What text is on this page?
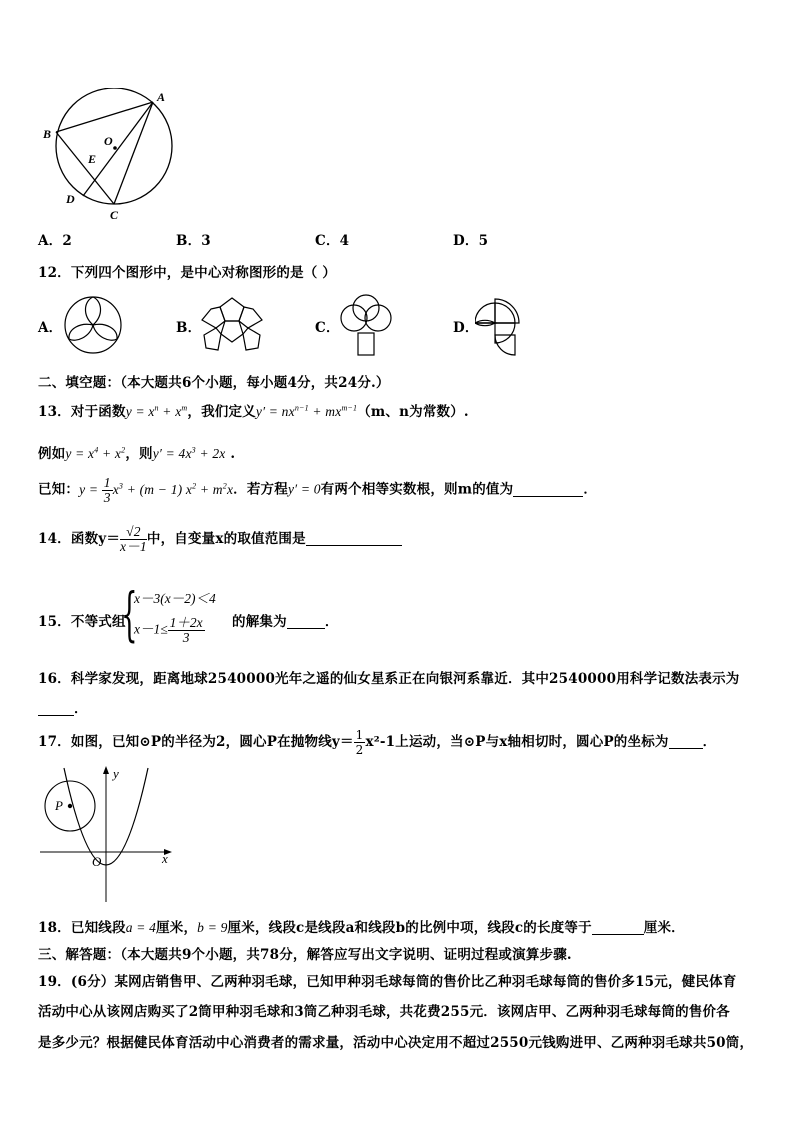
A
B	O
E
D
C
A．2	B．3	C．4	D．5
12．下列四个图形中，是中心对称图形的是（ ）
A．	B．	C．	D．
二、填空题：（本大题共6个小题，每小题4分，共24分.）
13．对于函数$y = x^n + x^m$，我们定义$y' = nx^{n-1} + mx^{m-1}(m$、n为常数）.
例如$y = x^4 + x^2$，则$y' = 4x^3 + 2x$ .
已知：$y = \frac{1}{3} x^3 + (m - 1) x^2 + m^2x$．若方程y′ = 0有两个相等实数根，则m的值为	．
14．函数$y= \frac{√2}{x-1}$ 中，自变量x的取值范围是
15．不等式组
{
x－3(x－2)＜4
$x-1\le \frac{1+2x}{3}$ 的解集为	．
16．科学家发现，距离地球2540000光年之遥的仙女星系正在向银河系靠近．其中2540000用科学记数法表示为
．
17．如图，已知⊙P的半径为2，圆心P在抛物线$y= \frac{1}{2} x^2-1$上运动，当⊙P与x轴相切时，圆心P的坐标为	．
y
P
O	x
18．已知线段a = 4厘米，b = 9厘米，线段c是线段a和线段b的比例中项，线段c的长度等于	厘米．
三、解答题：（本大题共9个小题，共78分，解答应写出文字说明、证明过程或演算步骤.
19．(6分）某网店销售甲、乙两种羽毛球，已知甲种羽毛球每筒的售价比乙种羽毛球每筒的售价多15元，健民体育
活动中心从该网店购买了2筒甲种羽毛球和3筒乙种羽毛球，共花费255元．该网店甲、乙两种羽毛球每筒的售价各
是多少元？根据健民体育活动中心消费者的需求量，活动中心决定用不超过2550元钱购进甲、乙两种羽毛球共50筒，
